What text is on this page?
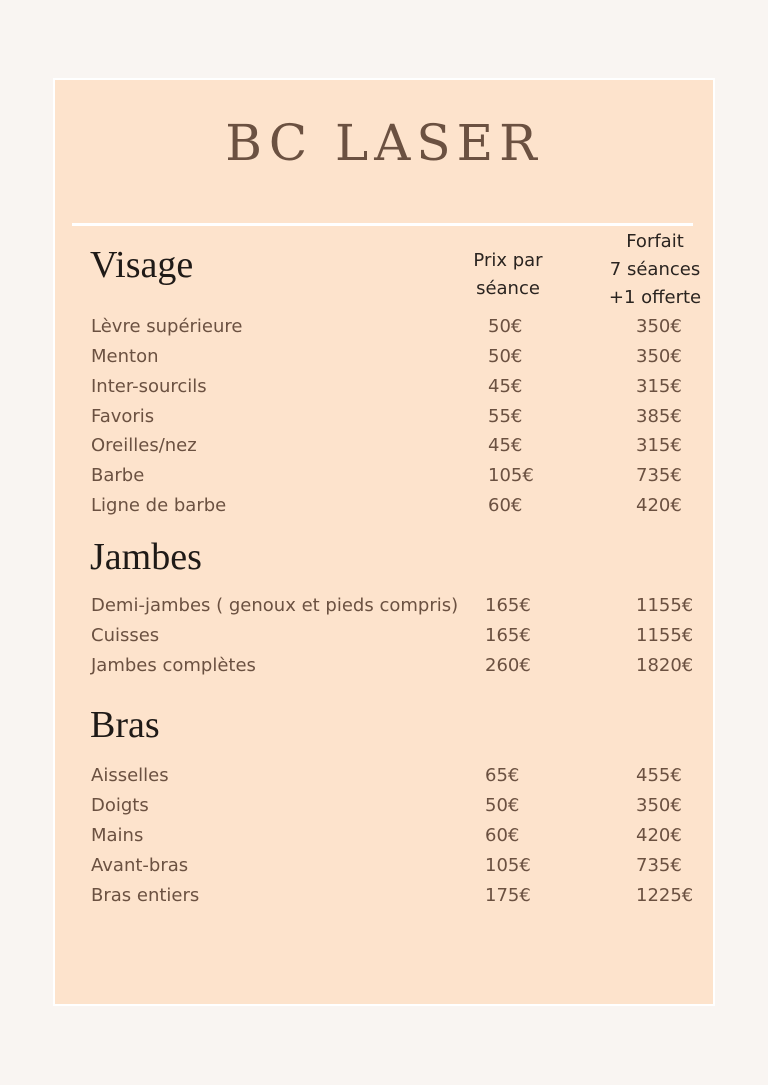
BC LASER
Prix par
séance
Forfait
7 séances
+1 offerte
Visage
Lèvre supérieure	50€	350€
Menton	50€	350€
Inter-sourcils	45€	315€
Favoris	55€	385€
Oreilles/nez	45€	315€
Barbe	105€	735€
Ligne de barbe	60€	420€
Jambes
Demi-jambes ( genoux et pieds compris) 165€	1155€
Cuisses	165€	1155€
Jambes complètes	260€	1820€
Bras
Aisselles	65€	455€
Doigts	50€	350€
Mains	60€	420€
Avant-bras	105€	735€
Bras entiers	175€	1225€
